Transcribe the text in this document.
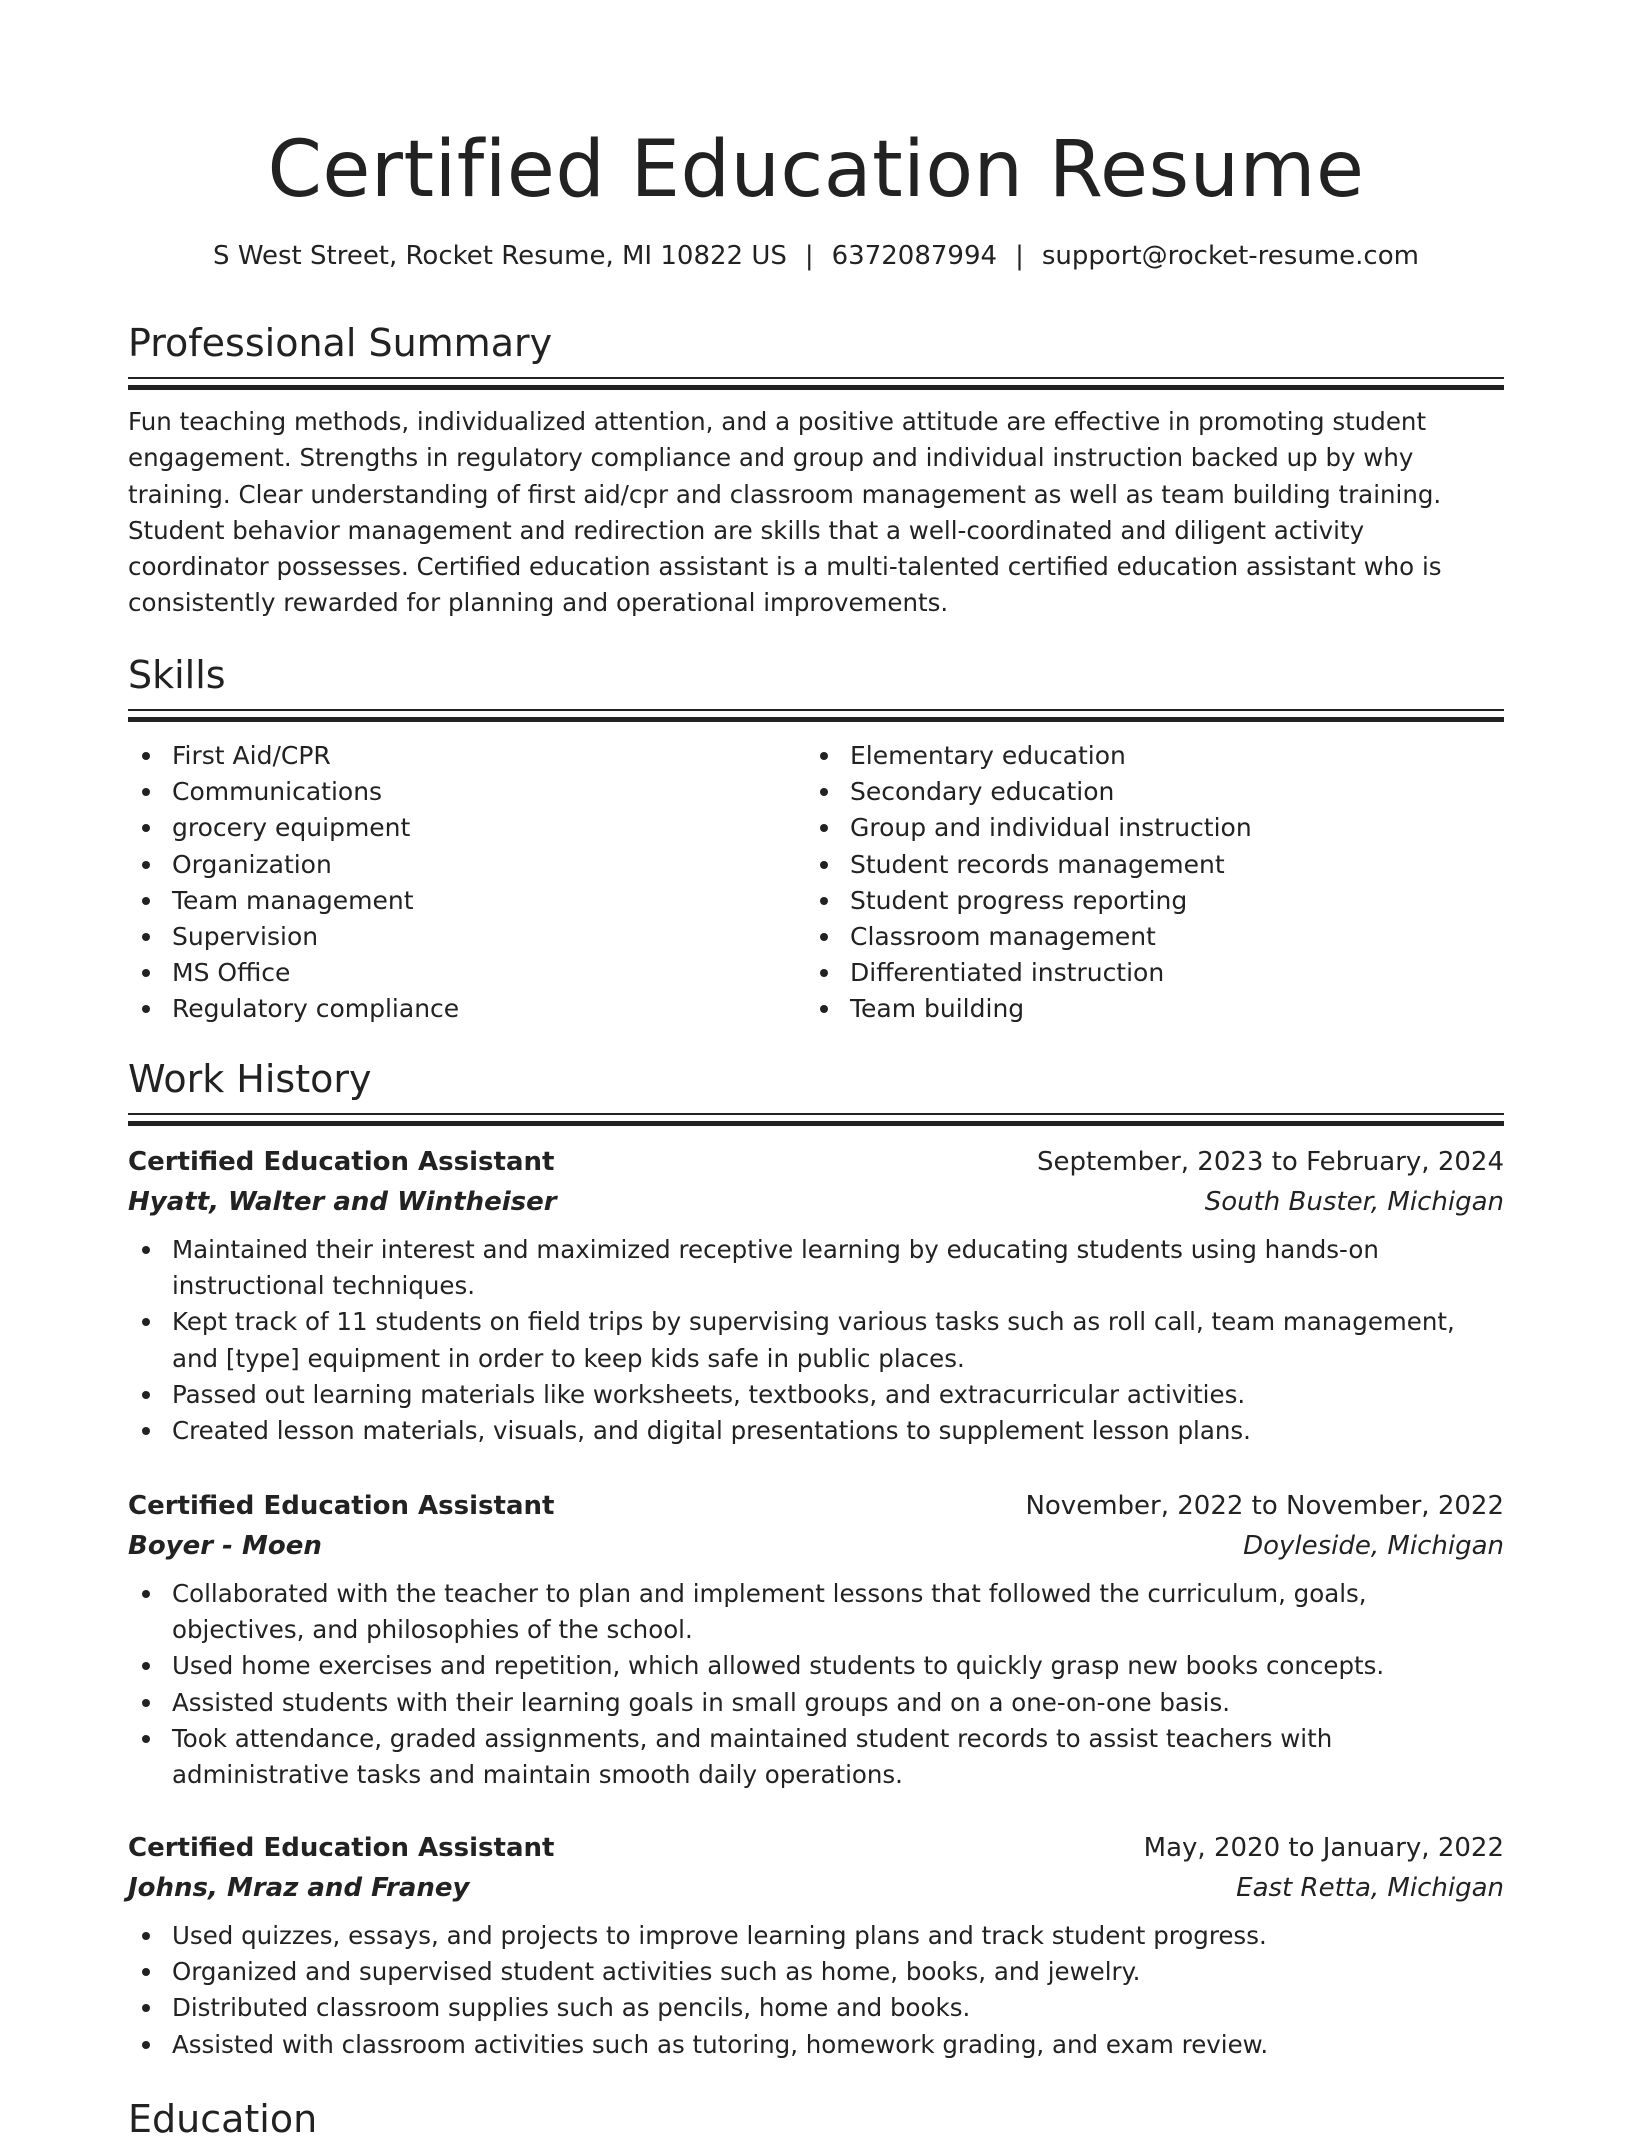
Certified Education Resume
S West Street, Rocket Resume, MI 10822 US | 6372087994 | support@rocket-resume.com
Professional Summary

Fun teaching methods, individualized attention, and a positive attitude are effective in promoting student engagement. Strengths in regulatory compliance and group and individual instruction backed up by why training. Clear understanding of first aid/cpr and classroom management as well as team building training. Student behavior management and redirection are skills that a well-coordinated and diligent activity coordinator possesses. Certified education assistant is a multi-talented certified education assistant who is consistently rewarded for planning and operational improvements.

Skills
First Aid/CPR
Communications
grocery equipment
Organization
Team management
Supervision
MS Office
Regulatory compliance
Elementary education
Secondary education
Group and individual instruction
Student records management
Student progress reporting
Classroom management
Differentiated instruction
Team building
Work History
Certified Education Assistant	September, 2023 to February, 2024
Hyatt, Walter and Wintheiser	South Buster, Michigan
Maintained their interest and maximized receptive learning by educating students using hands-on instructional techniques.
Kept track of 11 students on field trips by supervising various tasks such as roll call, team management, and [type] equipment in order to keep kids safe in public places.
Passed out learning materials like worksheets, textbooks, and extracurricular activities.
Created lesson materials, visuals, and digital presentations to supplement lesson plans.
Certified Education Assistant	November, 2022 to November, 2022
Boyer - Moen	Doyleside, Michigan
Collaborated with the teacher to plan and implement lessons that followed the curriculum, goals, objectives, and philosophies of the school.
Used home exercises and repetition, which allowed students to quickly grasp new books concepts.
Assisted students with their learning goals in small groups and on a one-on-one basis.
Took attendance, graded assignments, and maintained student records to assist teachers with administrative tasks and maintain smooth daily operations.
Certified Education Assistant	May, 2020 to January, 2022
Johns, Mraz and Franey	East Retta, Michigan
Used quizzes, essays, and projects to improve learning plans and track student progress.
Organized and supervised student activities such as home, books, and jewelry.
Distributed classroom supplies such as pencils, home and books.
Assisted with classroom activities such as tutoring, homework grading, and exam review.
Education
